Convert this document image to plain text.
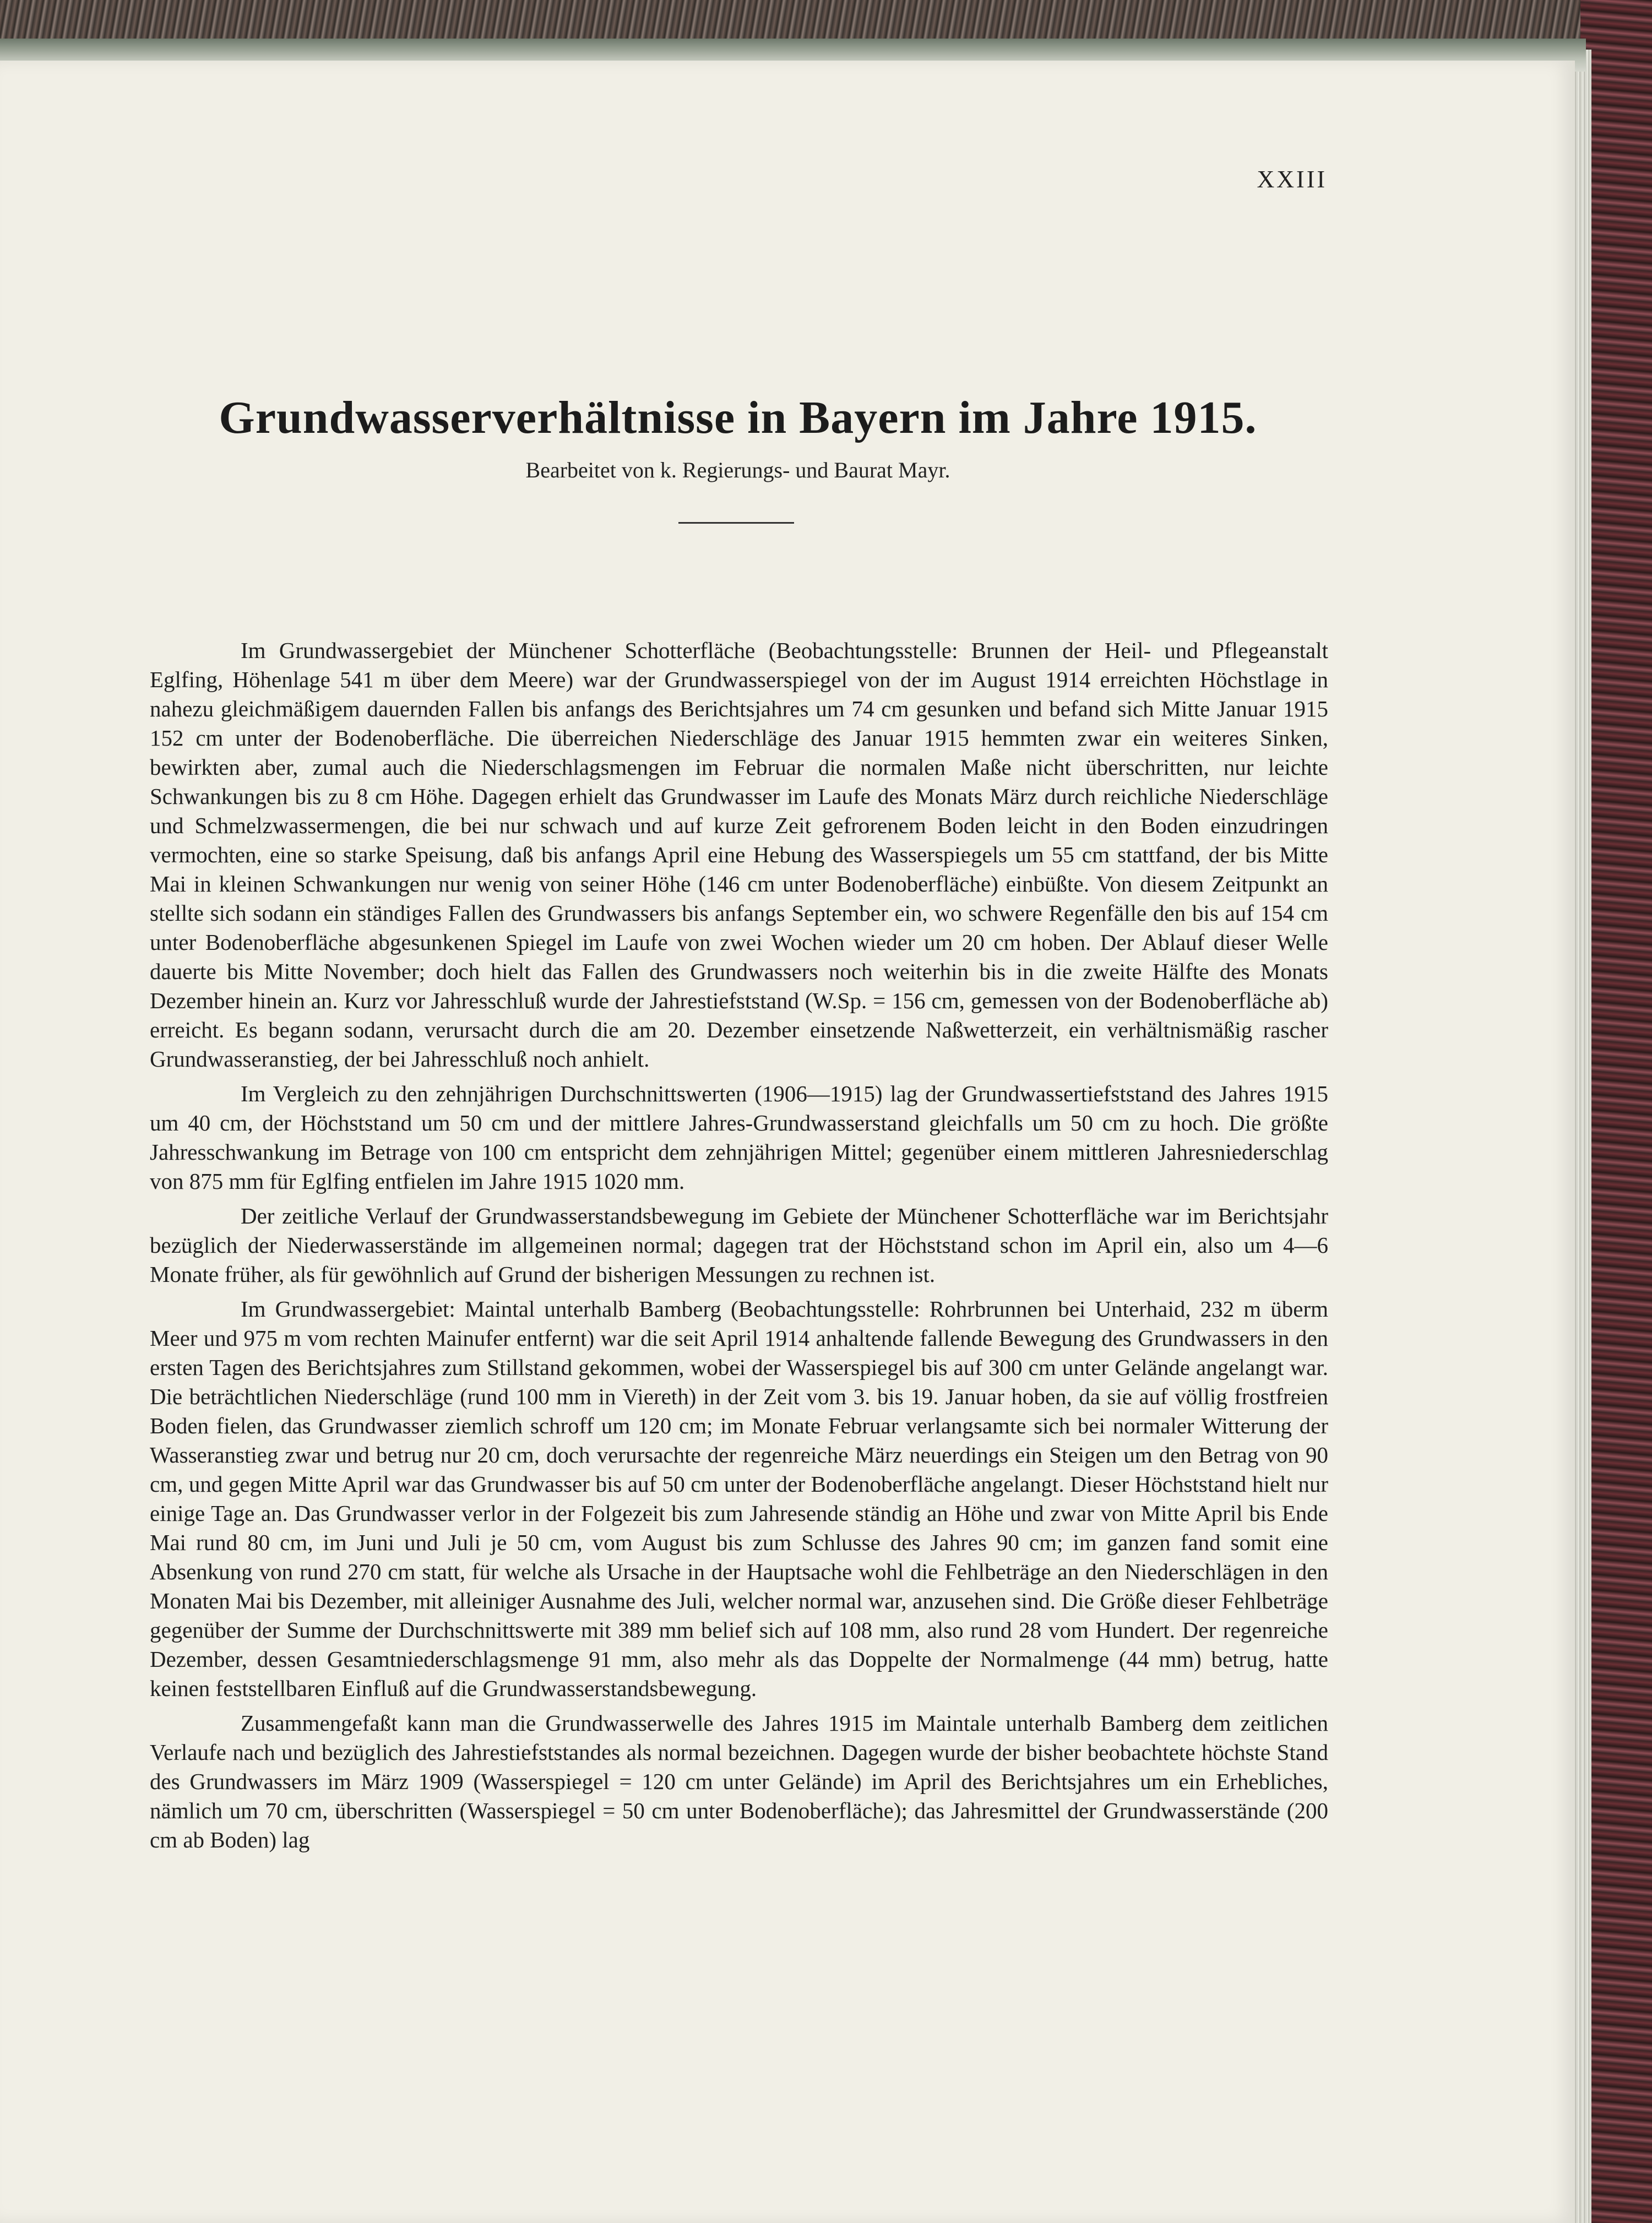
XXIII
Grundwasserverhältnisse in Bayern im Jahre 1915.
Bearbeitet von k. Regierungs- und Baurat Mayr.

Im Grundwassergebiet der Münchener Schotterfläche (Beobachtungsstelle: Brunnen der Heil- und Pflegeanstalt Eglfing, Höhenlage 541 m über dem Meere) war der Grundwasserspiegel von der im August 1914 erreichten Höchstlage in nahezu gleichmäßigem dauernden Fallen bis anfangs des Berichtsjahres um 74 cm gesunken und befand sich Mitte Januar 1915 152 cm unter der Bodenoberfläche. Die überreichen Niederschläge des Januar 1915 hemmten zwar ein weiteres Sinken, bewirkten aber, zumal auch die Niederschlagsmengen im Februar die normalen Maße nicht überschritten, nur leichte Schwankungen bis zu 8 cm Höhe. Dagegen erhielt das Grundwasser im Laufe des Monats März durch reichliche Niederschläge und Schmelzwassermengen, die bei nur schwach und auf kurze Zeit gefrorenem Boden leicht in den Boden einzudringen vermochten, eine so starke Speisung, daß bis anfangs April eine Hebung des Wasserspiegels um 55 cm stattfand, der bis Mitte Mai in kleinen Schwankungen nur wenig von seiner Höhe (146 cm unter Bodenoberfläche) einbüßte. Von diesem Zeitpunkt an stellte sich sodann ein ständiges Fallen des Grundwassers bis anfangs September ein, wo schwere Regenfälle den bis auf 154 cm unter Bodenoberfläche abgesunkenen Spiegel im Laufe von zwei Wochen wieder um 20 cm hoben. Der Ablauf dieser Welle dauerte bis Mitte November; doch hielt das Fallen des Grundwassers noch weiterhin bis in die zweite Hälfte des Monats Dezember hinein an. Kurz vor Jahresschluß wurde der Jahrestiefststand (W.Sp. = 156 cm, gemessen von der Bodenoberfläche ab) erreicht. Es begann sodann, verursacht durch die am 20. Dezember einsetzende Naßwetterzeit, ein verhältnismäßig rascher Grundwasseranstieg, der bei Jahresschluß noch anhielt.

Im Vergleich zu den zehnjährigen Durchschnittswerten (1906—1915) lag der Grundwassertiefststand des Jahres 1915 um 40 cm, der Höchststand um 50 cm und der mittlere Jahres-Grundwasserstand gleichfalls um 50 cm zu hoch. Die größte Jahresschwankung im Betrage von 100 cm entspricht dem zehnjährigen Mittel; gegenüber einem mittleren Jahresniederschlag von 875 mm für Eglfing entfielen im Jahre 1915 1020 mm.

Der zeitliche Verlauf der Grundwasserstandsbewegung im Gebiete der Münchener Schotterfläche war im Berichtsjahr bezüglich der Niederwasserstände im allgemeinen normal; dagegen trat der Höchststand schon im April ein, also um 4—6 Monate früher, als für gewöhnlich auf Grund der bisherigen Messungen zu rechnen ist.

Im Grundwassergebiet: Maintal unterhalb Bamberg (Beobachtungsstelle: Rohrbrunnen bei Unterhaid, 232 m überm Meer und 975 m vom rechten Mainufer entfernt) war die seit April 1914 anhaltende fallende Bewegung des Grundwassers in den ersten Tagen des Berichtsjahres zum Stillstand gekommen, wobei der Wasserspiegel bis auf 300 cm unter Gelände angelangt war. Die beträchtlichen Niederschläge (rund 100 mm in Viereth) in der Zeit vom 3. bis 19. Januar hoben, da sie auf völlig frostfreien Boden fielen, das Grundwasser ziemlich schroff um 120 cm; im Monate Februar verlangsamte sich bei normaler Witterung der Wasseranstieg zwar und betrug nur 20 cm, doch verursachte der regenreiche März neuerdings ein Steigen um den Betrag von 90 cm, und gegen Mitte April war das Grundwasser bis auf 50 cm unter der Bodenoberfläche angelangt. Dieser Höchststand hielt nur einige Tage an. Das Grundwasser verlor in der Folgezeit bis zum Jahresende ständig an Höhe und zwar von Mitte April bis Ende Mai rund 80 cm, im Juni und Juli je 50 cm, vom August bis zum Schlusse des Jahres 90 cm; im ganzen fand somit eine Absenkung von rund 270 cm statt, für welche als Ursache in der Hauptsache wohl die Fehlbeträge an den Niederschlägen in den Monaten Mai bis Dezember, mit alleiniger Ausnahme des Juli, welcher normal war, anzusehen sind. Die Größe dieser Fehlbeträge gegenüber der Summe der Durchschnittswerte mit 389 mm belief sich auf 108 mm, also rund 28 vom Hundert. Der regenreiche Dezember, dessen Gesamtniederschlagsmenge 91 mm, also mehr als das Doppelte der Normalmenge (44 mm) betrug, hatte keinen feststellbaren Einfluß auf die Grundwasserstandsbewegung.

Zusammengefaßt kann man die Grundwasserwelle des Jahres 1915 im Maintale unterhalb Bamberg dem zeitlichen Verlaufe nach und bezüglich des Jahrestiefststandes als normal bezeichnen. Dagegen wurde der bisher beobachtete höchste Stand des Grundwassers im März 1909 (Wasserspiegel = 120 cm unter Gelände) im April des Berichtsjahres um ein Erhebliches, nämlich um 70 cm, überschritten (Wasserspiegel = 50 cm unter Bodenoberfläche); das Jahresmittel der Grundwasserstände (200 cm ab Boden) lag
